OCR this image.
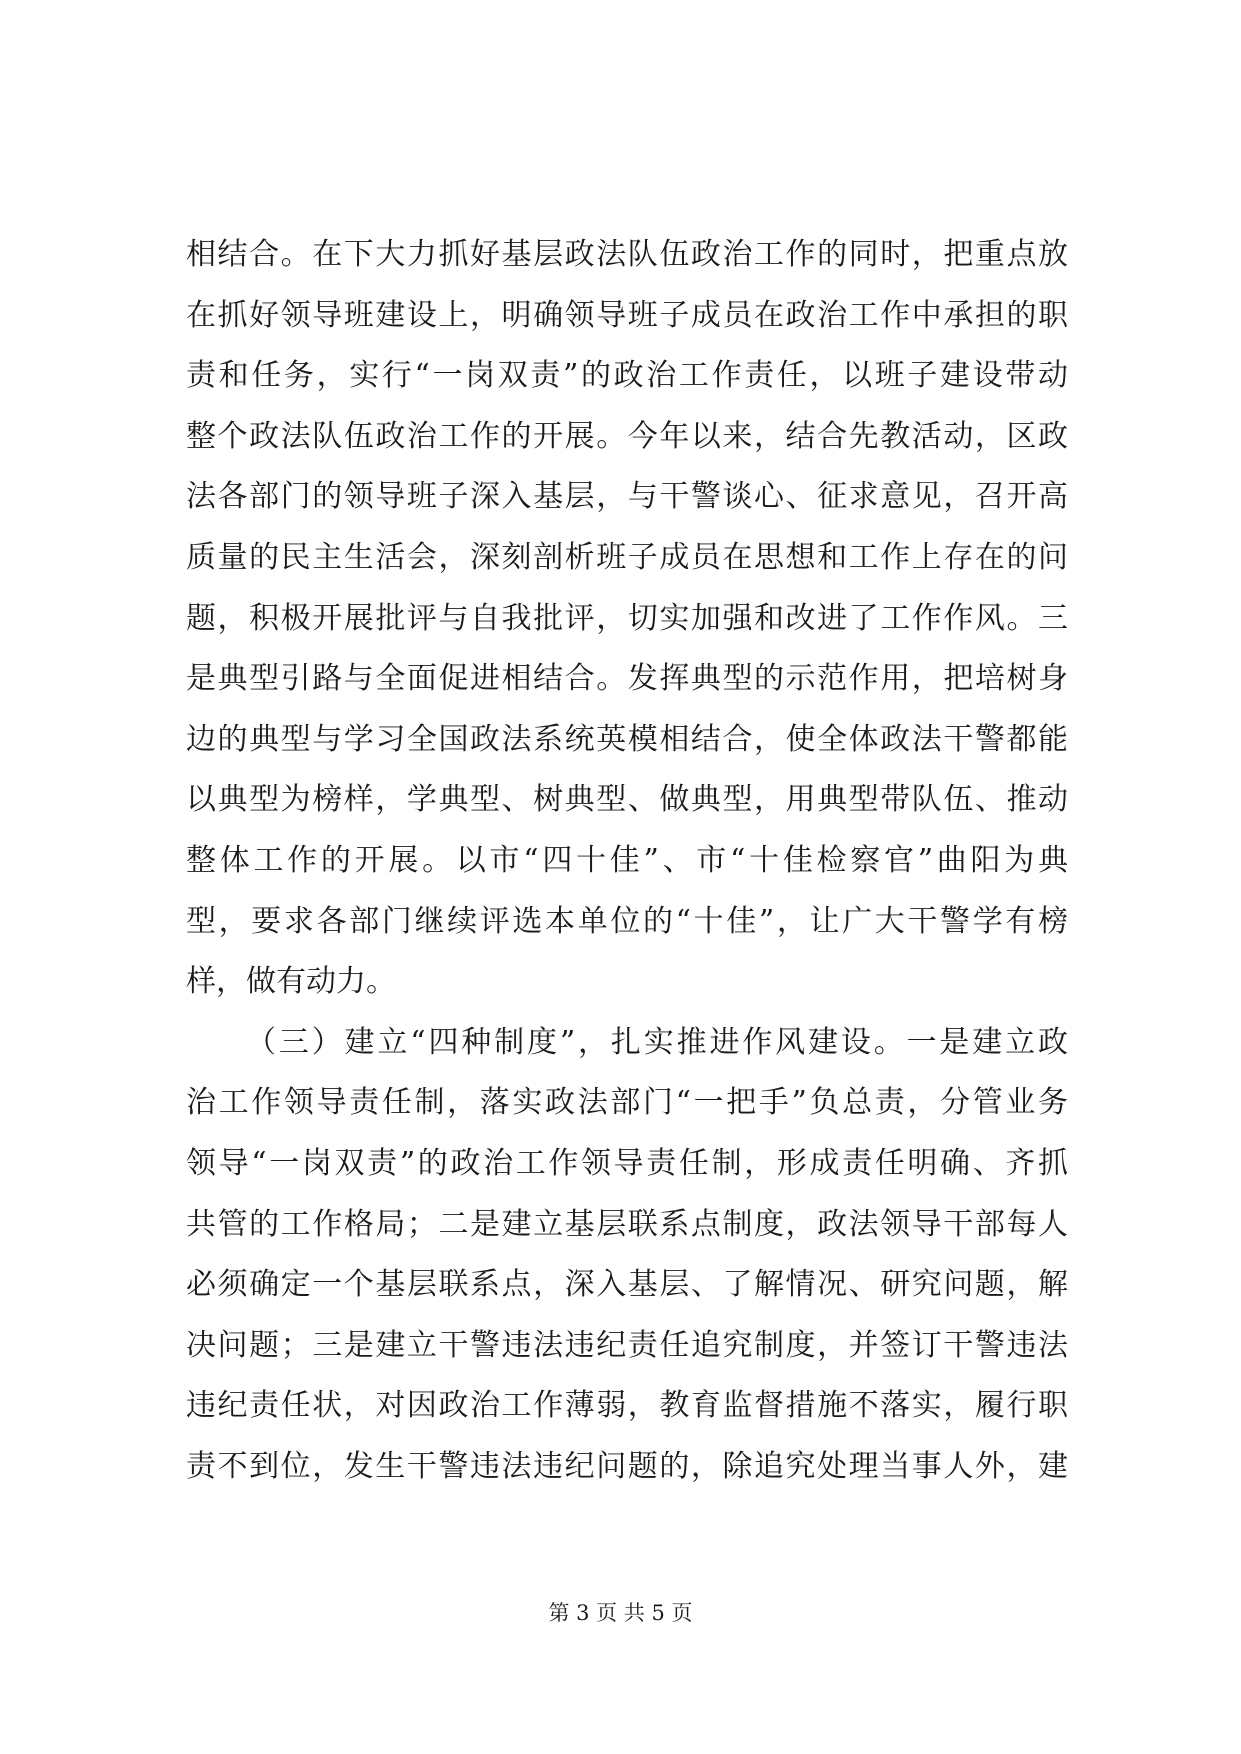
相结合。在下大力抓好基层政法队伍政治工作的同时，把重点放
在抓好领导班建设上，明确领导班子成员在政治工作中承担的职
责和任务，实行“一岗双责”的政治工作责任，以班子建设带动
整个政法队伍政治工作的开展。今年以来，结合先教活动，区政
法各部门的领导班子深入基层，与干警谈心、征求意见，召开高
质量的民主生活会，深刻剖析班子成员在思想和工作上存在的问
题，积极开展批评与自我批评，切实加强和改进了工作作风。三
是典型引路与全面促进相结合。发挥典型的示范作用，把培树身
边的典型与学习全国政法系统英模相结合，使全体政法干警都能
以典型为榜样，学典型、树典型、做典型，用典型带队伍、推动
整体工作的开展。以市“四十佳”、市“十佳检察官”曲阳为典
型，要求各部门继续评选本单位的“十佳”，让广大干警学有榜
样，做有动力。
（三）建立“四种制度”，扎实推进作风建设。一是建立政
治工作领导责任制，落实政法部门“一把手”负总责，分管业务
领导“一岗双责”的政治工作领导责任制，形成责任明确、齐抓
共管的工作格局；二是建立基层联系点制度，政法领导干部每人
必须确定一个基层联系点，深入基层、了解情况、研究问题，解
决问题；三是建立干警违法违纪责任追究制度，并签订干警违法
违纪责任状，对因政治工作薄弱，教育监督措施不落实，履行职
责不到位，发生干警违法违纪问题的，除追究处理当事人外，建
第 3 页 共 5 页
